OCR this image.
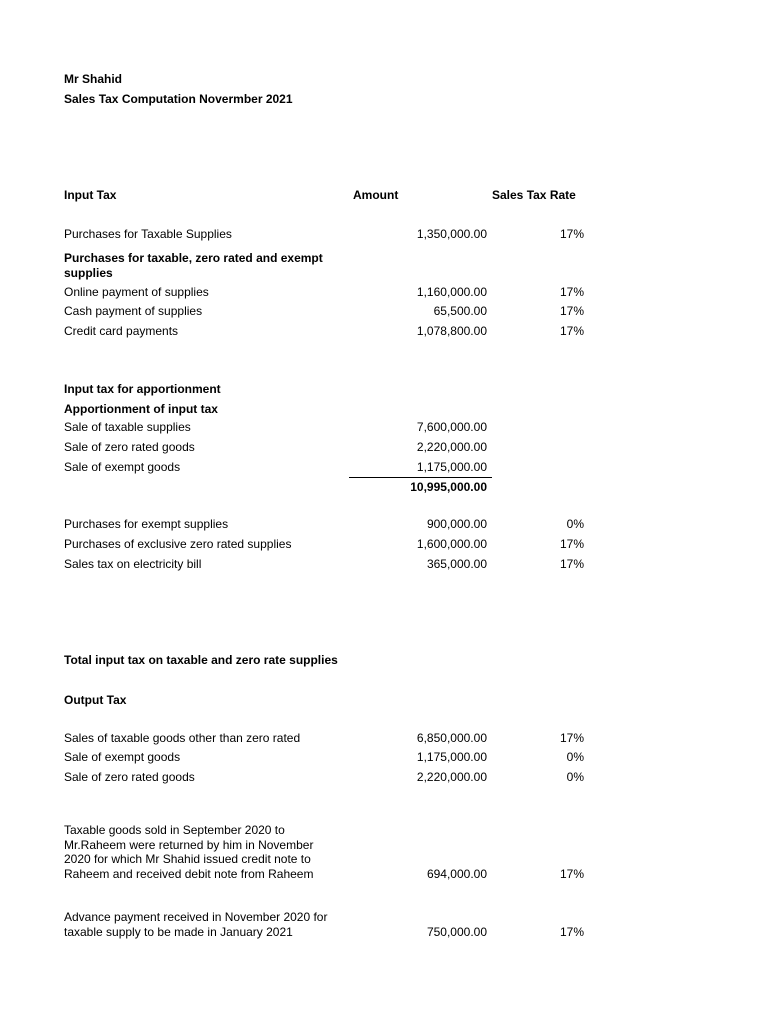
Mr Shahid
Sales Tax Computation Novermber 2021
Input Tax	Amount	Sales Tax Rate
Purchases for Taxable Supplies	1,350,000.00	17%
Purchases for taxable, zero rated and exempt supplies
Online payment of supplies	1,160,000.00	17%
Cash payment of supplies	65,500.00	17%
Credit card payments	1,078,800.00	17%
Input tax for apportionment
Apportionment of input tax
Sale of taxable supplies	7,600,000.00
Sale of zero rated goods	2,220,000.00
Sale of exempt goods	1,175,000.00
10,995,000.00
Purchases for exempt supplies	900,000.00	0%
Purchases of exclusive zero rated supplies	1,600,000.00	17%
Sales tax on electricity bill	365,000.00	17%
Total input tax on taxable and zero rate supplies
Output Tax
Sales of taxable goods other than zero rated	6,850,000.00	17%
Sale of exempt goods	1,175,000.00	0%
Sale of zero rated goods	2,220,000.00	0%
Taxable goods sold in September 2020 to Mr.Raheem were returned by him in November 2020 for which Mr Shahid issued credit note to Raheem and received debit note from Raheem	694,000.00	17%
Advance payment received in November 2020 for taxable supply to be made in January 2021	750,000.00	17%
